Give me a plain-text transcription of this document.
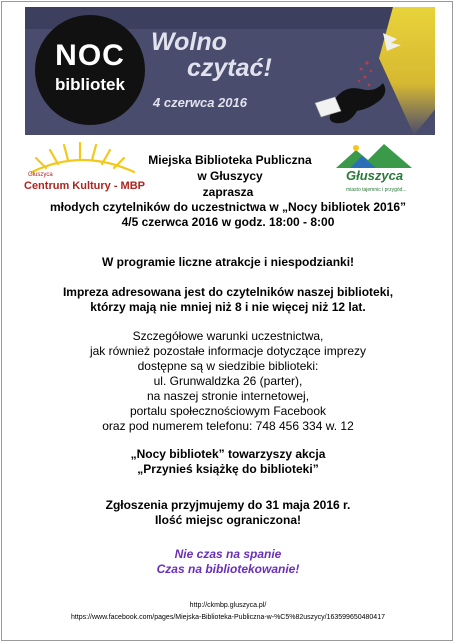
NOC
bibliotek
Wolno
czytać!
4 czerwca 2016
Głuszyca
Centrum Kultury - MBP
Miejska Biblioteka Publiczna
w Głuszycy	Głuszyca
miasto tajemnic i przygód...
zaprasza
młodych czytelników do uczestnictwa w „Nocy bibliotek 2016”
4/5 czerwca 2016 w godz. 18:00 - 8:00
W programie liczne atrakcje i niespodzianki!
Impreza adresowana jest do czytelników naszej biblioteki,
którzy mają nie mniej niż 8 i nie więcej niż 12 lat.
Szczegółowe warunki uczestnictwa,
jak również pozostałe informacje dotyczące imprezy
dostępne są w siedzibie biblioteki:
ul. Grunwaldzka 26 (parter),
na naszej stronie internetowej,
portalu społecznościowym Facebook
oraz pod numerem telefonu: 748 456 334 w. 12
„Nocy bibliotek” towarzyszy akcja
„Przynieś książkę do biblioteki”
Zgłoszenia przyjmujemy do 31 maja 2016 r.
Ilość miejsc ograniczona!
Nie czas na spanie
Czas na bibliotekowanie!
http://ckmbp.gluszyca.pl/
https://www.facebook.com/pages/Miejska-Biblioteka-Publiczna-w-%C5%82uszycy/163599650480417
